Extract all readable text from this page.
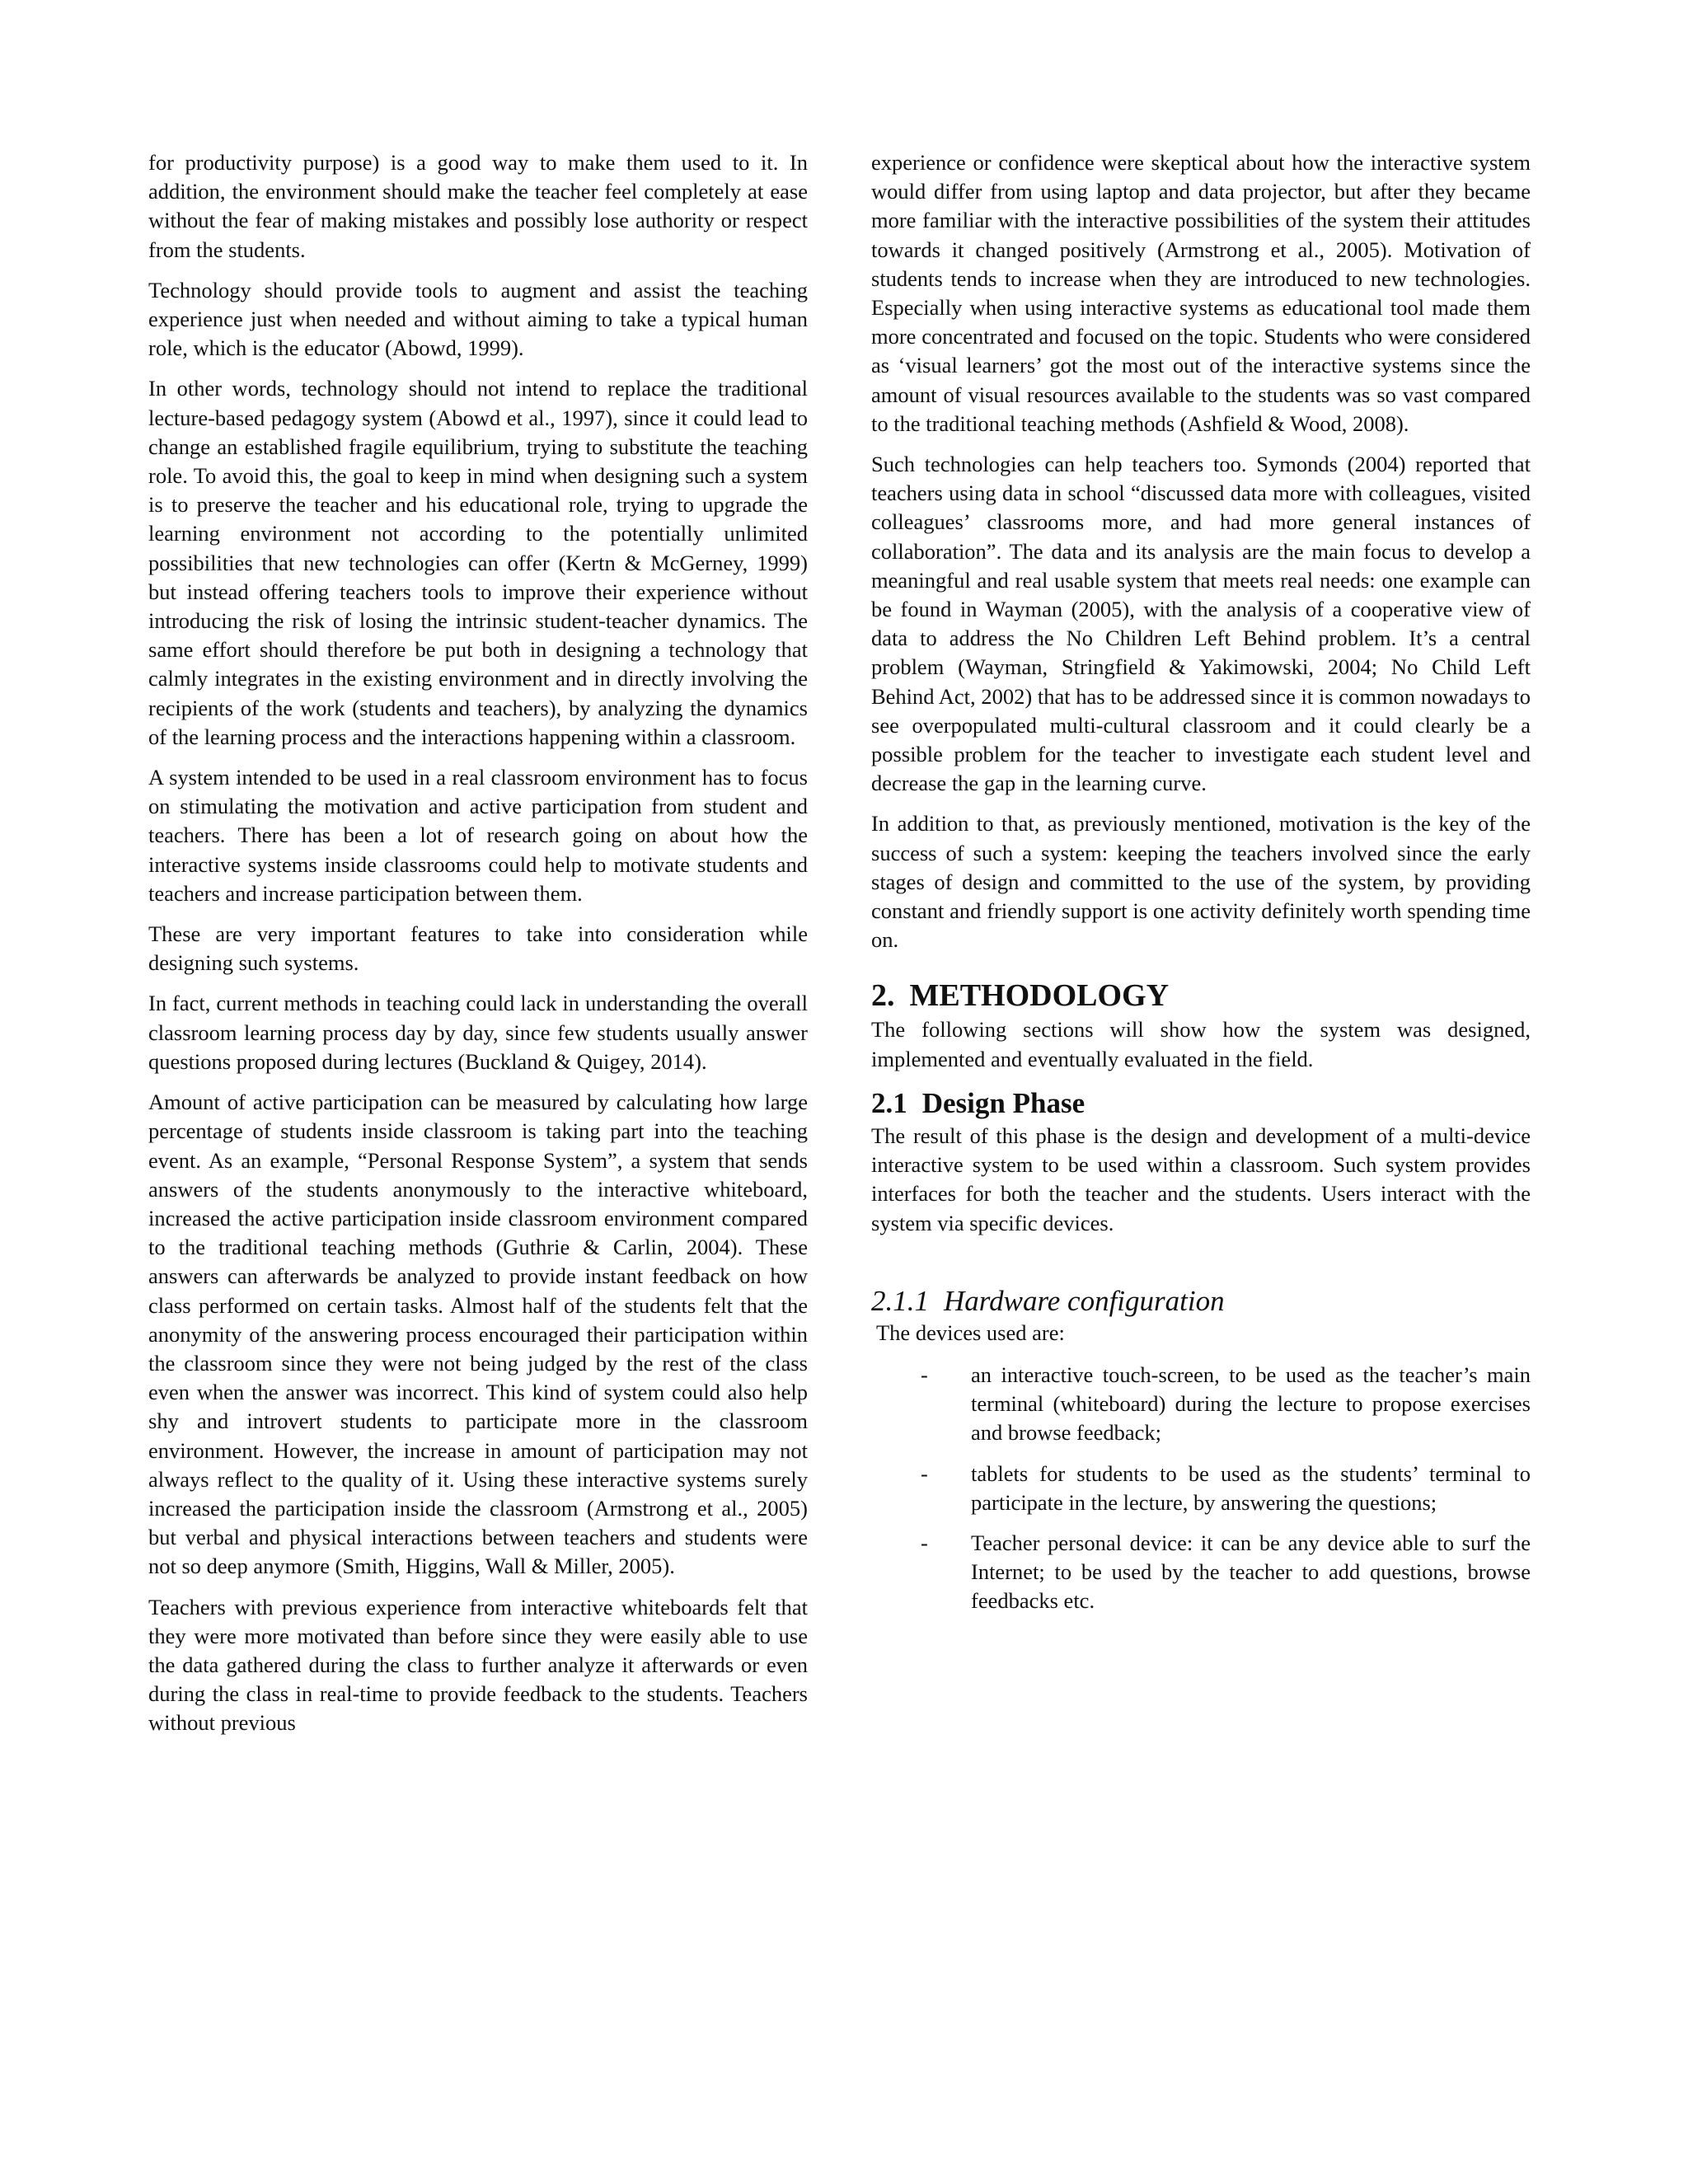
for productivity purpose) is a good way to make them used to it. In addition, the environment should make the teacher feel completely at ease without the fear of making mistakes and possibly lose authority or respect from the students.

Technology should provide tools to augment and assist the teaching experience just when needed and without aiming to take a typical human role, which is the educator (Abowd, 1999).

In other words, technology should not intend to replace the traditional lecture-based pedagogy system (Abowd et al., 1997), since it could lead to change an established fragile equilibrium, trying to substitute the teaching role. To avoid this, the goal to keep in mind when designing such a system is to preserve the teacher and his educational role, trying to upgrade the learning environment not according to the potentially unlimited possibilities that new technologies can offer (Kertn & McGerney, 1999) but instead offering teachers tools to improve their experience without introducing the risk of losing the intrinsic student-teacher dynamics. The same effort should therefore be put both in designing a technology that calmly integrates in the existing environment and in directly involving the recipients of the work (students and teachers), by analyzing the dynamics of the learning process and the interactions happening within a classroom.

A system intended to be used in a real classroom environment has to focus on stimulating the motivation and active participation from student and teachers. There has been a lot of research going on about how the interactive systems inside classrooms could help to motivate students and teachers and increase participation between them.

These are very important features to take into consideration while designing such systems.

In fact, current methods in teaching could lack in understanding the overall classroom learning process day by day, since few students usually answer questions proposed during lectures (Buckland & Quigey, 2014).

Amount of active participation can be measured by calculating how large percentage of students inside classroom is taking part into the teaching event. As an example, “Personal Response System”, a system that sends answers of the students anonymously to the interactive whiteboard, increased the active participation inside classroom environment compared to the traditional teaching methods (Guthrie & Carlin, 2004). These answers can afterwards be analyzed to provide instant feedback on how class performed on certain tasks. Almost half of the students felt that the anonymity of the answering process encouraged their participation within the classroom since they were not being judged by the rest of the class even when the answer was incorrect. This kind of system could also help shy and introvert students to participate more in the classroom environment. However, the increase in amount of participation may not always reflect to the quality of it. Using these interactive systems surely increased the participation inside the classroom (Armstrong et al., 2005) but verbal and physical interactions between teachers and students were not so deep anymore (Smith, Higgins, Wall & Miller, 2005).

Teachers with previous experience from interactive whiteboards felt that they were more motivated than before since they were easily able to use the data gathered during the class to further analyze it afterwards or even during the class in real-time to provide feedback to the students. Teachers without previous

experience or confidence were skeptical about how the interactive system would differ from using laptop and data projector, but after they became more familiar with the interactive possibilities of the system their attitudes towards it changed positively (Armstrong et al., 2005). Motivation of students tends to increase when they are introduced to new technologies. Especially when using interactive systems as educational tool made them more concentrated and focused on the topic. Students who were considered as ‘visual learners’ got the most out of the interactive systems since the amount of visual resources available to the students was so vast compared to the traditional teaching methods (Ashfield & Wood, 2008).

Such technologies can help teachers too. Symonds (2004) reported that teachers using data in school “discussed data more with colleagues, visited colleagues’ classrooms more, and had more general instances of collaboration”. The data and its analysis are the main focus to develop a meaningful and real usable system that meets real needs: one example can be found in Wayman (2005), with the analysis of a cooperative view of data to address the No Children Left Behind problem. It’s a central problem (Wayman, Stringfield & Yakimowski, 2004; No Child Left Behind Act, 2002) that has to be addressed since it is common nowadays to see overpopulated multi-cultural classroom and it could clearly be a possible problem for the teacher to investigate each student level and decrease the gap in the learning curve.

In addition to that, as previously mentioned, motivation is the key of the success of such a system: keeping the teachers involved since the early stages of design and committed to the use of the system, by providing constant and friendly support is one activity definitely worth spending time on.

2. METHODOLOGY

The following sections will show how the system was designed, implemented and eventually evaluated in the field.

2.1 Design Phase

The result of this phase is the design and development of a multi-device interactive system to be used within a classroom. Such system provides interfaces for both the teacher and the students. Users interact with the system via specific devices.

2.1.1 Hardware configuration

The devices used are:

- an interactive touch-screen, to be used as the teacher’s main terminal (whiteboard) during the lecture to propose exercises and browse feedback;
- tablets for students to be used as the students’ terminal to participate in the lecture, by answering the questions;
- Teacher personal device: it can be any device able to surf the Internet; to be used by the teacher to add questions, browse feedbacks etc.
